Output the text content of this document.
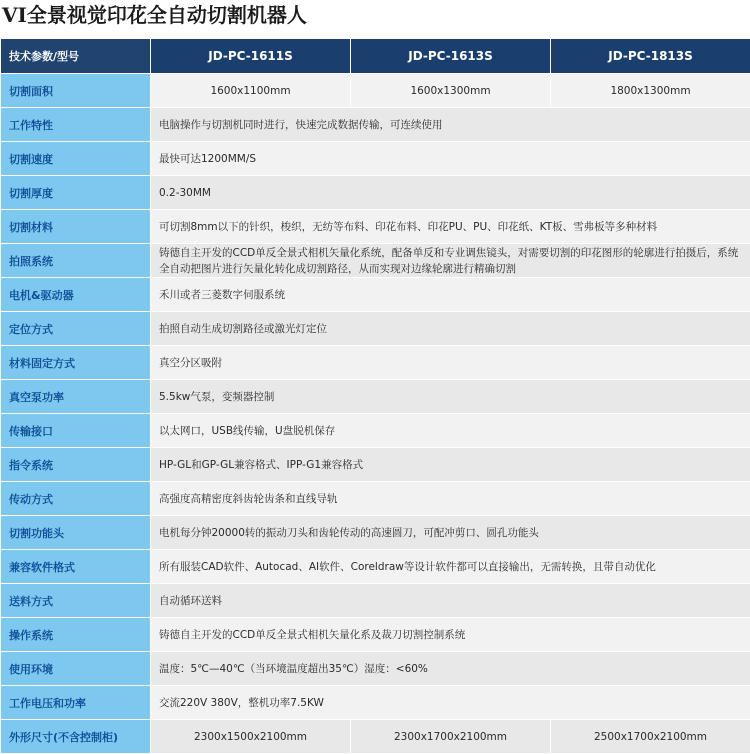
VI全景视觉印花全自动切割机器人
技术参数/型号	JD-PC-1611S	JD-PC-1613S	JD-PC-1813S
切割面积	1600x1100mm	1600x1300mm	1800x1300mm
工作特性	电脑操作与切割机同时进行，快速完成数据传输，可连续使用		
切割速度	最快可达1200MM/S		
切割厚度	0.2-30MM		
切割材料	可切割8mm以下的针织，梭织，无纺等布料、印花布料、印花PU、PU、印花纸、KT板、雪弗板等多种材料		
拍照系统	铸德自主开发的CCD单反全景式相机矢量化系统，配备单反和专业调焦镜头，对需要切割的印花图形的轮廓进行拍摄后，系统全自动把图片进行矢量化转化成切割路径，从而实现对边缘轮廓进行精确切割		
电机&驱动器	禾川或者三菱数字伺服系统		
定位方式	拍照自动生成切割路径或激光灯定位		
材料固定方式	真空分区吸附		
真空泵功率	5.5kw气泵，变频器控制		
传输接口	以太网口，USB线传输，U盘脱机保存		
指令系统	HP-GL和GP-GL兼容格式、IPP-G1兼容格式		
传动方式	高强度高精密度斜齿轮齿条和直线导轨		
切割功能头	电机每分钟20000转的振动刀头和齿轮传动的高速圆刀，可配冲剪口、圆孔功能头		
兼容软件格式	所有服装CAD软件、Autocad、AI软件、Coreldraw等设计软件都可以直接输出，无需转换，且带自动优化		
送料方式	自动循环送料		
操作系统	铸德自主开发的CCD单反全景式相机矢量化系及裁刀切割控制系统		
使用环境	温度：5℃—40℃（当环境温度超出35℃）湿度：<60%		
工作电压和功率	交流220V 380V，整机功率7.5KW		
外形尺寸(不含控制柜)	2300x1500x2100mm	2300x1700x2100mm	2500x1700x2100mm
